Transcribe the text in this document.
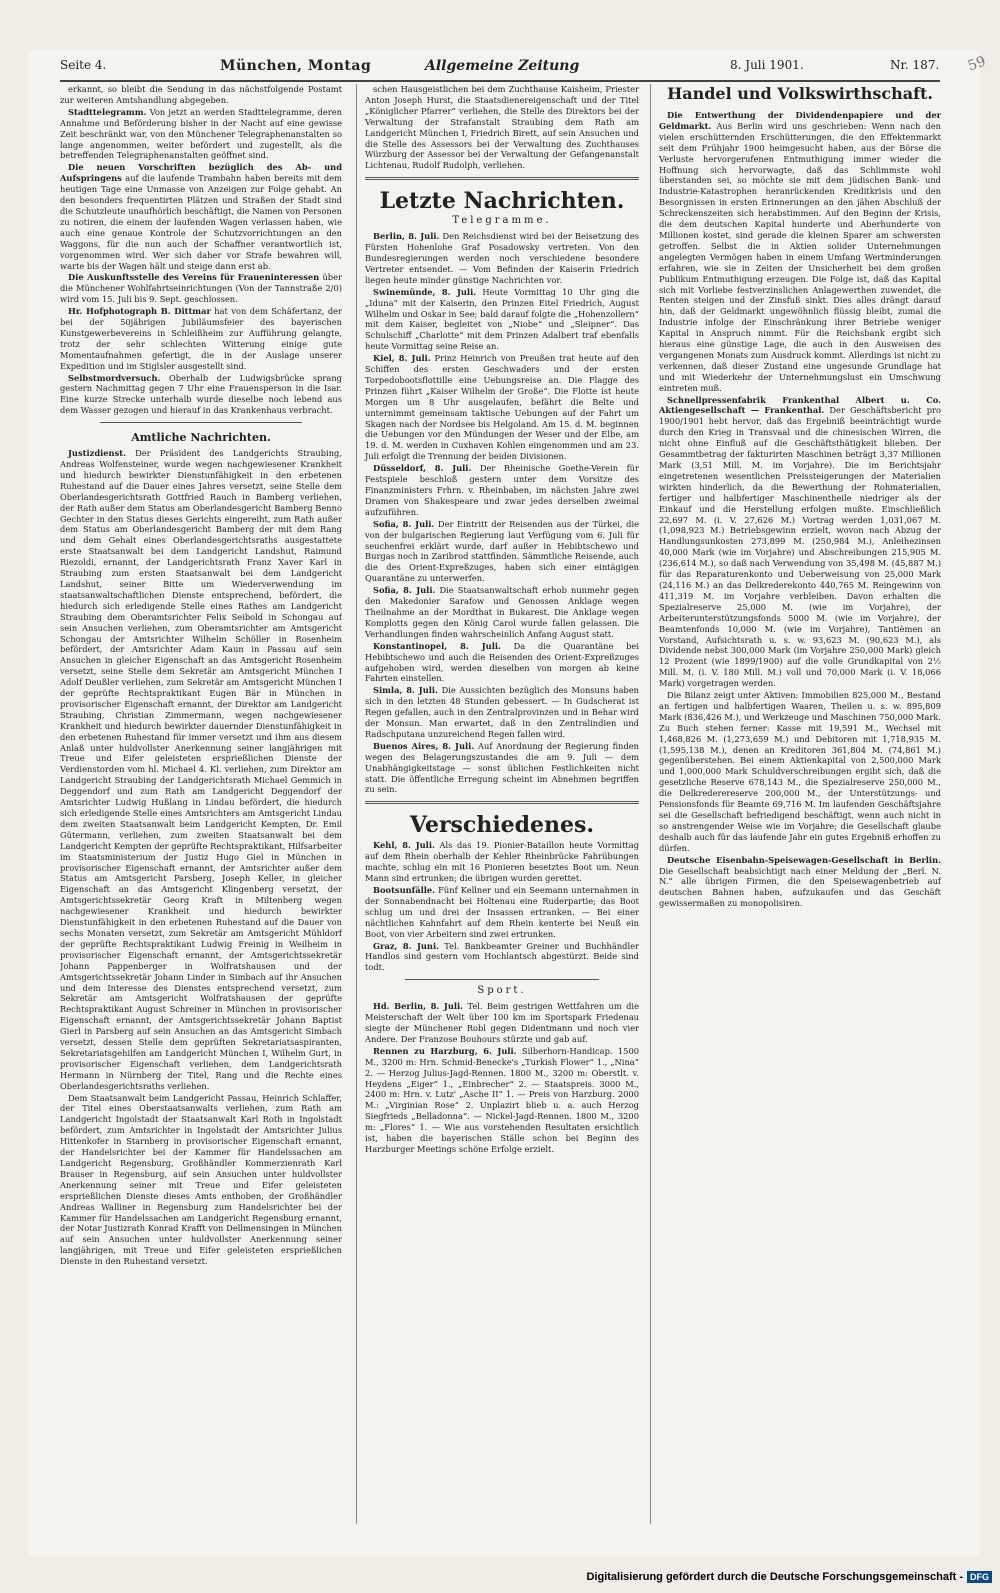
59
Seite 4.	München, Montag	Allgemeine Zeitung	8. Juli 1901.	Nr. 187.

erkannt, so bleibt die Sendung in das nächstfolgende Postamt zur weiteren Amtshandlung abgegeben.

Stadttelegramm. Von jetzt an werden Stadttelegramme, deren Annahme und Beförderung bisher in der Nacht auf eine gewisse Zeit beschränkt war, von den Münchener Telegraphenanstalten so lange angenommen, weiter befördert und zugestellt, als die betreffenden Telegraphenanstalten geöffnet sind.

Die neuen Vorschriften bezüglich des Ab- und Aufspringens auf die laufende Trambahn haben bereits mit dem heutigen Tage eine Unmasse von Anzeigen zur Folge gehabt. An den besonders frequentirten Plätzen und Straßen der Stadt sind die Schutzleute unaufhörlich beschäftigt, die Namen von Personen zu notiren, die einem der laufenden Wagen verlassen haben, wie auch eine genaue Kontrole der Schutzvorrichtungen an den Waggons, für die nun auch der Schaffner verantwortlich ist, vorgenommen wird. Wer sich daher vor Strafe bewahren will, warte bis der Wagen hält und steige dann erst ab.

Die Auskunftsstelle des Vereins für Fraueninteressen über die Münchener Wohlfahrtseinrichtungen (Von der Tannstraße 2/0) wird vom 15. Juli bis 9. Sept. geschlossen.

Hr. Hofphotograph B. Dittmar hat von dem Schäfertanz, der bei der 50jährigen Jubiläumsfeier des bayerischen Kunstgewerbevereins in Schleißheim zur Aufführung gelangte, trotz der sehr schlechten Witterung einige gute Momentaufnahmen gefertigt, die in der Auslage unserer Expedition und im Stiglsler ausgestellt sind.

Selbstmordversuch. Oberhalb der Ludwigsbrücke sprang gestern Nachmittag gegen 7 Uhr eine Frauensperson in die Isar. Eine kurze Strecke unterhalb wurde dieselbe noch lebend aus dem Wasser gezogen und hierauf in das Krankenhaus verbracht.

Amtliche Nachrichten.

Justizdienst. Der Präsident des Landgerichts Straubing, Andreas Wolfensteiner, wurde wegen nachgewiesener Krankheit und hiedurch bewirkter Dienstunfähigkeit in den erbetenen Ruhestand auf die Dauer eines Jahres versetzt, seine Stelle dem Oberlandesgerichtsrath Gottfried Rauch in Bamberg verliehen, der Rath außer dem Status am Oberlandesgericht Bamberg Benno Gechter in den Status dieses Gerichts eingereiht, zum Rath außer dem Status am Oberlandesgericht Bamberg der mit dem Rang und dem Gehalt eines Oberlandesgerichtsraths ausgestattete erste Staatsanwalt bei dem Landgericht Landshut, Raimund Riezoldi, ernannt, der Landgerichtsrath Franz Xaver Karl in Straubing zum ersten Staatsanwalt bei dem Landgericht Landshut, seiner Bitte um Wiederverwendung im staatsanwaltschaftlichen Dienste entsprechend, befördert, die hiedurch sich erledigende Stelle eines Rathes am Landgericht Straubing dem Oberamtsrichter Felix Seibold in Schongau auf sein Ansuchen verliehen, zum Oberamtsrichter am Amtsgericht Schongau der Amtsrichter Wilhelm Schöller in Rosenheim befördert, der Amtsrichter Adam Kaun in Passau auf sein Ansuchen in gleicher Eigenschaft an das Amtsgericht Rosenheim versetzt, seine Stelle dem Sekretär am Amtsgericht München I Adolf Deußler verliehen, zum Sekretär am Amtsgericht München I der geprüfte Rechtspraktikant Eugen Bär in München in provisorischer Eigenschaft ernannt, der Direktor am Landgericht Straubing, Christian Zimmermann, wegen nachgewiesener Krankheit und hiedurch bewirkter dauernder Dienstunfähigkeit in den erbetenen Ruhestand für immer versetzt und ihm aus diesem Anlaß unter huldvollster Anerkennung seiner langjährigen mit Treue und Eifer geleisteten ersprießlichen Dienste der Verdienstorden vom hl. Michael 4. Kl. verliehen, zum Direktor am Landgericht Straubing der Landgerichtsrath Michael Gemmich in Deggendorf und zum Rath am Landgericht Deggendorf der Amtsrichter Ludwig Hußlang in Lindau befördert, die hiedurch sich erledigende Stelle eines Amtsrichters am Amtsgericht Lindau dem zweiten Staatsanwalt beim Landgericht Kempten, Dr. Emil Gütermann, verliehen, zum zweiten Staatsanwalt bei dem Landgericht Kempten der geprüfte Rechtspraktikant, Hilfsarbeiter im Staatsministerium der Justiz Hugo Giel in München in provisorischer Eigenschaft ernannt, der Amtsrichter außer dem Status am Amtsgericht Parsberg, Joseph Keller, in gleicher Eigenschaft an das Amtsgericht Klingenberg versetzt, der Amtsgerichtssekretär Georg Kraft in Miltenberg wegen nachgewiesener Krankheit und hiedurch bewirkter Dienstunfähigkeit in den erbetenen Ruhestand auf die Dauer von sechs Monaten versetzt, zum Sekretär am Amtsgericht Mühldorf der geprüfte Rechtspraktikant Ludwig Freinig in Weilheim in provisorischer Eigenschaft ernannt, der Amtsgerichtssekretär Johann Pappenberger in Wolfratshausen und der Amtsgerichtssekretär Johann Linder in Simbach auf ihr Ansuchen und dem Interesse des Dienstes entsprechend versetzt, zum Sekretär am Amtsgericht Wolfratshausen der geprüfte Rechtspraktikant August Schreiner in München in provisorischer Eigenschaft ernannt, der Amtsgerichtssekretär Johann Baptist Gierl in Parsberg auf sein Ansuchen an das Amtsgericht Simbach versetzt, dessen Stelle dem geprüften Sekretariatsaspiranten, Sekretariatsgehilfen am Landgericht München I, Wilhelm Gurt, in provisorischer Eigenschaft verliehen, dem Landgerichtsrath Hermann in Nürnberg der Titel, Rang und die Rechte eines Oberlandesgerichtsraths verliehen.

Dem Staatsanwalt beim Landgericht Passau, Heinrich Schlaffer, der Titel eines Oberstaatsanwalts verliehen, zum Rath am Landgericht Ingolstadt der Staatsanwalt Karl Roth in Ingolstadt befördert, zum Amtsrichter in Ingolstadt der Amtsrichter Julius Hittenkofer in Starnberg in provisorischer Eigenschaft ernannt, der Handelsrichter bei der Kammer für Handelssachen am Landgericht Regensburg, Großhändler Kommerzienrath Karl Brauser in Regensburg, auf sein Ansuchen unter huldvollster Anerkennung seiner mit Treue und Eifer geleisteten ersprießlichen Dienste dieses Amts enthoben, der Großhändler Andreas Walliner in Regensburg zum Handelsrichter bei der Kammer für Handelssachen am Landgericht Regensburg ernannt, der Notar Justizrath Konrad Krafft von Dellmensingen in München auf sein Ansuchen unter huldvollster Anerkennung seiner langjährigen, mit Treue und Eifer geleisteten ersprießlichen Dienste in den Ruhestand versetzt.

schen Hausgeistlichen bei dem Zuchthause Kaisheim, Priester Anton Joseph Hurst, die Staatsdienereigenschaft und der Titel „Königlicher Pfarrer“ verliehen, die Stelle des Direktors bei der Verwaltung der Strafanstalt Straubing dem Rath am Landgericht München I, Friedrich Birett, auf sein Ansuchen und die Stelle des Assessors bei der Verwaltung des Zuchthauses Würzburg der Assessor bei der Verwaltung der Gefangenanstalt Lichtenau, Rudolf Rudolph, verliehen.

Letzte Nachrichten.
Telegramme.

Berlin, 8. Juli. Den Reichsdienst wird bei der Beisetzung des Fürsten Hohenlohe Graf Posadowsky vertreten. Von den Bundesregierungen werden noch verschiedene besondere Vertreter entsendet. — Vom Befinden der Kaiserin Friedrich liegen heute minder günstige Nachrichten vor.

Swinemünde, 8. Juli. Heute Vormittag 10 Uhr ging die „Iduna“ mit der Kaiserin, den Prinzen Eitel Friedrich, August Wilhelm und Oskar in See; bald darauf folgte die „Hohenzollern“ mit dem Kaiser, begleitet von „Niobe“ und „Sleipner“. Das Schulschiff „Charlotte“ mit dem Prinzen Adalbert traf ebenfalls heute Vormittag seine Reise an.

Kiel, 8. Juli. Prinz Heinrich von Preußen trat heute auf den Schiffen des ersten Geschwaders und der ersten Torpedobootsflottille eine Uebungsreise an. Die Flagge des Prinzen führt „Kaiser Wilhelm der Große“. Die Flotte ist heute Morgen um 8 Uhr ausgelaufen, befährt die Belte und unternimmt gemeinsam taktische Uebungen auf der Fahrt um Skagen nach der Nordsee bis Helgoland. Am 15. d. M. beginnen die Uebungen vor den Mündungen der Weser und der Elbe, am 19. d. M. werden in Cuxhaven Kohlen eingenommen und am 23. Juli erfolgt die Trennung der beiden Divisionen.

Düsseldorf, 8. Juli. Der Rheinische Goethe-Verein für Festspiele beschloß gestern unter dem Vorsitze des Finanzministers Frhrn. v. Rheinbaben, im nächsten Jahre zwei Dramen von Shakespeare und zwar jedes derselben zweimal aufzuführen.

Sofia, 8. Juli. Der Eintritt der Reisenden aus der Türkei, die von der bulgarischen Regierung laut Verfügung vom 6. Juli für seuchenfrei erklärt wurde, darf außer in Hebibtschewo und Burgas noch in Zaribrod stattfinden. Sämmtliche Reisende, auch die des Orient-Expreßzuges, haben sich einer eintägigen Quarantäne zu unterwerfen.

Sofia, 8. Juli. Die Staatsanwaltschaft erhob nunmehr gegen den Makedonier Sarafow und Genossen Anklage wegen Theilnahme an der Mordthat in Bukarest. Die Anklage wegen Komplotts gegen den König Carol wurde fallen gelassen. Die Verhandlungen finden wahrscheinlich Anfang August statt.

Konstantinopel, 8. Juli. Da die Quarantäne bei Hebibtschewo und auch die Reisenden des Orient-Expreßzuges aufgehoben wird, werden dieselben von morgen ab keine Fahrten einstellen.

Simla, 8. Juli. Die Aussichten bezüglich des Monsuns haben sich in den letzten 48 Stunden gebessert. — In Gudscherat ist Regen gefallen, auch in den Zentralprovinzen und in Behar wird der Monsun. Man erwartet, daß in den Zentralindien und Radschputana unzureichend Regen fallen wird.

Buenos Aires, 8. Juli. Auf Anordnung der Regierung finden wegen des Belagerungszustandes die am 9. Juli — dem Unabhängigkeitstage — sonst üblichen Festlichkeiten nicht statt. Die öffentliche Erregung scheint im Abnehmen begriffen zu sein.

Verschiedenes.

Kehl, 8. Juli. Als das 19. Pionier-Bataillon heute Vormittag auf dem Rhein oberhalb der Kehler Rheinbrücke Fahrübungen machte, schlug ein mit 16 Pionieren besetztes Boot um. Neun Mann sind ertrunken; die übrigen wurden gerettet.

Bootsunfälle. Fünf Kellner und ein Seemann unternahmen in der Sonnabendnacht bei Holtenau eine Ruderpartie; das Boot schlug um und drei der Insassen ertranken. — Bei einer nächtlichen Kahnfahrt auf dem Rhein kenterte bei Neuß ein Boot, von vier Arbeitern sind zwei ertrunken.

Graz, 8. Juni. Tel. Bankbeamter Greiner und Buchhändler Handlos sind gestern vom Hochlantsch abgestürzt. Beide sind todt.

Sport.

Hd. Berlin, 8. Juli. Tel. Beim gestrigen Wettfahren um die Meisterschaft der Welt über 100 km im Sportspark Friedenau siegte der Münchener Robl gegen Didentmann und noch vier Andere. Der Franzose Bouhours stürzte und gab auf.

Rennen zu Harzburg, 6. Juli. Silberhorn-Handicap. 1500 M., 3200 m: Hrn. Schmid-Benecke's „Turkish Flower“ 1., „Nina“ 2. — Herzog Julius-Jagd-Rennen. 1800 M., 3200 m: Oberstlt. v. Heydens „Eiger“ 1., „Einbrecher“ 2. — Staatspreis. 3000 M., 2400 m: Hrn. v. Lutz' „Asche II“ 1. — Preis von Harzburg. 2000 M.: „Virginian Rose“ 2. Unplazirt blieb u. a. auch Herzog Siegfrieds „Belladonna“. — Nickel-Jagd-Rennen. 1800 M., 3200 m: „Flores“ 1. — Wie aus vorstehenden Resultaten ersichtlich ist, haben die bayerischen Ställe schon bei Beginn des Harzburger Meetings schöne Erfolge erzielt.

Handel und Volkswirthschaft.

Die Entwerthung der Dividendenpapiere und der Geldmarkt. Aus Berlin wird uns geschrieben: Wenn nach den vielen erschütternden Erschütterungen, die den Effektenmarkt seit dem Frühjahr 1900 heimgesucht haben, aus der Börse die Verluste hervorgerufenen Entmuthigung immer wieder die Hoffnung sich hervorwagte, daß das Schlimmste wohl überstanden sei, so möchte sie mit dem jüdischen Bank- und Industrie-Katastrophen heranrückenden Kreditkrisis und den Besorgnissen in ersten Erinnerungen an den jähen Abschluß der Schreckenszeiten sich herabstimmen. Auf den Beginn der Krisis, die dem deutschen Kapital hunderte und Aberhunderte von Millionen kostet, sind gerade die kleinen Sparer am schwersten getroffen. Selbst die in Aktien solider Unternehmungen angelegten Vermögen haben in einem Umfang Wertminderungen erfahren, wie sie in Zeiten der Unsicherheit bei dem großen Publikum Entmuthigung erzeugen. Die Folge ist, daß das Kapital sich mit Vorliebe festverzinslichen Anlagewerthen zuwendet, die Renten steigen und der Zinsfuß sinkt. Dies alles drängt darauf hin, daß der Geldmarkt ungewöhnlich flüssig bleibt, zumal die Industrie infolge der Einschränkung ihrer Betriebe weniger Kapital in Anspruch nimmt. Für die Reichsbank ergibt sich hieraus eine günstige Lage, die auch in den Ausweisen des vergangenen Monats zum Ausdruck kommt. Allerdings ist nicht zu verkennen, daß dieser Zustand eine ungesunde Grundlage hat und mit Wiederkehr der Unternehmungslust ein Umschwung eintreten muß.

Schnellpressenfabrik Frankenthal Albert u. Co. Aktiengesellschaft — Frankenthal. Der Geschäftsbericht pro 1900/1901 hebt hervor, daß das Ergebniß beeinträchtigt wurde durch den Krieg in Transvaal und die chinesischen Wirren, die nicht ohne Einfluß auf die Geschäftsthätigkeit blieben. Der Gesammtbetrag der fakturirten Maschinen beträgt 3,37 Millionen Mark (3,51 Mill. M. im Vorjahre). Die im Berichtsjahr eingetretenen wesentlichen Preissteigerungen der Materialien wirkten hinderlich, da die Bewerthung der Rohmaterialien, fertiger und halbfertiger Maschinentheile niedriger als der Einkauf und die Herstellung erfolgen mußte. Einschließlich 22,697 M. (i. V. 27,626 M.) Vortrag werden 1,031,067 M. (1,098,923 M.) Betriebsgewinn erzielt, wovon nach Abzug der Handlungsunkosten 273,899 M. (250,984 M.), Anleihezinsen 40,000 Mark (wie im Vorjahre) und Abschreibungen 215,905 M. (236,614 M.), so daß nach Verwendung von 35,498 M. (45,887 M.) für das Reparaturenkonto und Ueberweisung von 25,000 Mark (24,116 M.) an das Delkrederekonto 440,765 M. Reingewinn von 411,319 M. im Vorjahre verbleiben. Davon erhalten die Spezialreserve 25,000 M. (wie im Vorjahre), der Arbeiterunterstützungsfonds 5000 M. (wie im Vorjahre), der Beamtenfonds 10,000 M. (wie im Vorjahre), Tantièmen an Vorstand, Aufsichtsrath u. s. w. 93,623 M. (90,623 M.), als Dividende nebst 300,000 Mark (im Vorjahre 250,000 Mark) gleich 12 Prozent (wie 1899/1900) auf die volle Grundkapital von 2½ Mill. M. (i. V. 180 Mill. M.) voll und 70,000 Mark (i. V. 18,066 Mark) vorgetragen werden.

Die Bilanz zeigt unter Aktiven: Immobilien 825,000 M., Bestand an fertigen und halbfertigen Waaren, Theilen u. s. w. 895,809 Mark (836,426 M.), und Werkzeuge und Maschinen 750,000 Mark. Zu Buch stehen ferner: Kasse mit 19,591 M., Wechsel mit 1,468,826 M. (1,273,659 M.) und Debitoren mit 1,718,935 M. (1,595,138 M.), denen an Kreditoren 361,804 M. (74,861 M.) gegenüberstehen. Bei einem Aktienkapital von 2,500,000 Mark und 1,000,000 Mark Schuldverschreibungen ergibt sich, daß die gesetzliche Reserve 678,143 M., die Spezialreserve 250,000 M., die Delkrederereserve 200,000 M., der Unterstützungs- und Pensionsfonds für Beamte 69,716 M. Im laufenden Geschäftsjahre sei die Gesellschaft befriedigend beschäftigt, wenn auch nicht in so anstrengender Weise wie im Vorjahre; die Gesellschaft glaube deshalb auch für das laufende Jahr ein gutes Ergebniß erhoffen zu dürfen.

Deutsche Eisenbahn-Speisewagen-Gesellschaft in Berlin. Die Gesellschaft beabsichtigt nach einer Meldung der „Berl. N. N.“ alle übrigen Firmen, die den Speisewagenbetrieb auf deutschen Bahnen haben, aufzukaufen und das Geschäft gewissermaßen zu monopolisiren.

Digitalisierung gefördert durch die Deutsche Forschungsgemeinschaft - DFG
